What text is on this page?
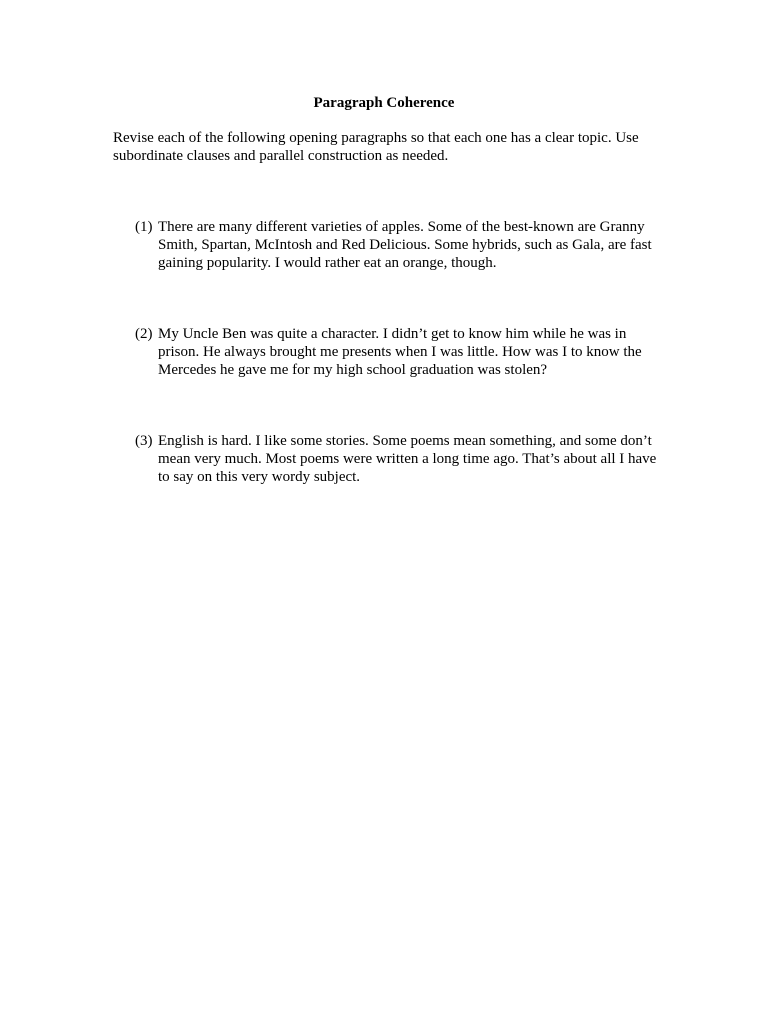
Paragraph Coherence

Revise each of the following opening paragraphs so that each one has a clear topic. Use subordinate clauses and parallel construction as needed.

(1) There are many different varieties of apples. Some of the best-known are Granny Smith, Spartan, McIntosh and Red Delicious. Some hybrids, such as Gala, are fast gaining popularity. I would rather eat an orange, though.
(2) My Uncle Ben was quite a character. I didn’t get to know him while he was in prison. He always brought me presents when I was little. How was I to know the Mercedes he gave me for my high school graduation was stolen?
(3) English is hard. I like some stories. Some poems mean something, and some don’t mean very much. Most poems were written a long time ago. That’s about all I have to say on this very wordy subject.
